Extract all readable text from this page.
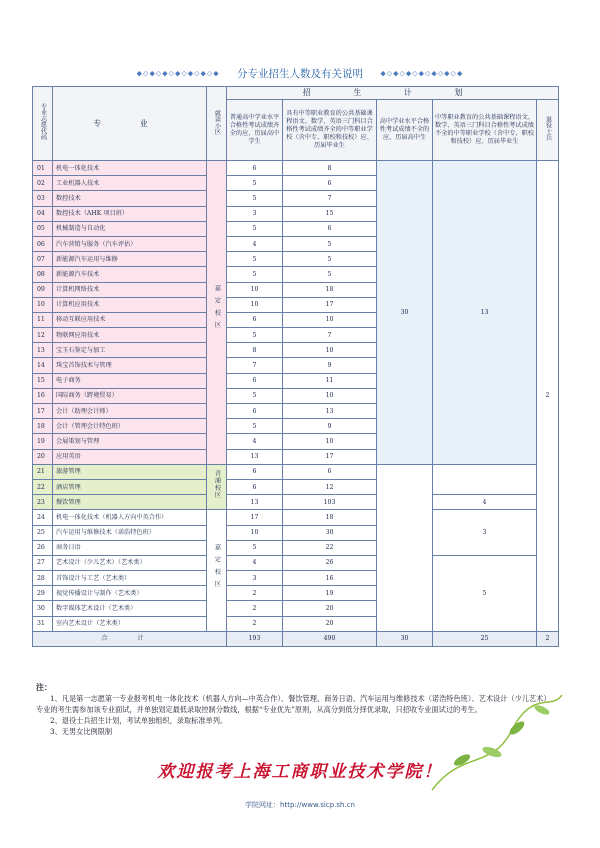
◆◇◆◇◆◇◆◇◆◇◆◇◆ 分专业招生人数及有关说明 ◆◇◆◇◆◇◆◇◆◇◆◇◆
专业志愿代码	专 业	就读小区	招 生 计 划				
			普通高中学业水平合格性考试成绩齐全的应、历届高中学生	具有中等职业教育的公共基础课程语文、数学、英语三门科目合格性考试成绩齐全的中等职业学校（含中专、职校和技校）应、历届毕业生	高中学业水平合格性考试成绩不全的应、历届高中生	中等职业教育的公共基础课程语文、数学、英语三门科目合格性考试成绩不全的中等职业学校（含中专、职校和技校）应、历届毕业生	退役士兵
01	机电一体化技术	嘉定校区	6	8	30	13	2
02	工业机器人技术		5	6			
03	数控技术		5	7			
04	数控技术（AHK 项目班）		3	15			
05	机械制造与自动化		5	6			
06	汽车营销与服务（汽车评估）		4	5			
07	新能源汽车运用与维修		5	5			
08	新能源汽车技术		5	5			
09	计算机网络技术		10	18			
10	计算机应用技术		10	17			
11	移动互联应用技术		6	10			
12	物联网应用技术		5	7			
13	宝玉石鉴定与加工		8	10			
14	珠宝首饰技术与管理		7	9			
15	电子商务		6	11			
16	国际商务（跨境贸易）		5	10			
17	会计（助理会计师）		6	13			
18	会计（管理会计特色班）		5	9			
19	会展策划与管理		4	10			
20	应用英语		13	17			
21	旅游管理	青浦校区	6	6			
22	酒店管理		6	12			
23	餐饮管理		13	103		4	
24	机电一体化技术（机器人方向中英合作）	嘉定校区	17	18		3	
25	汽车运用与维修技术（诺浩特色班）		10	30			
26	商务日语		5	22			
27	艺术设计（少儿艺术）（艺术类）		4	26		5	
28	首饰设计与工艺（艺术类）		3	16			
29	视觉传播设计与制作（艺术类）		2	19			
30	数字媒体艺术设计（艺术类）		2	20			
31	室内艺术设计（艺术类）		2	20			
合 计			193	490	30	25	2
注：

1、凡是第一志愿第一专业报考机电一体化技术（机器人方向—中英合作）、餐饮管理、商务日语、汽车运用与维修技术（诺浩特色班）、艺术设计（少儿艺术）专业的考生需参加该专业面试，并单独划定最低录取控制分数线，根据“专业优先”原则，从高分到低分择优录取，只招收专业面试过的考生。

2、退役士兵招生计划，考试单独组织，录取标准单列。

3、无男女比例限制

欢迎报考上海工商职业技术学院！
学院网址：http://www.sicp.sh.cn
